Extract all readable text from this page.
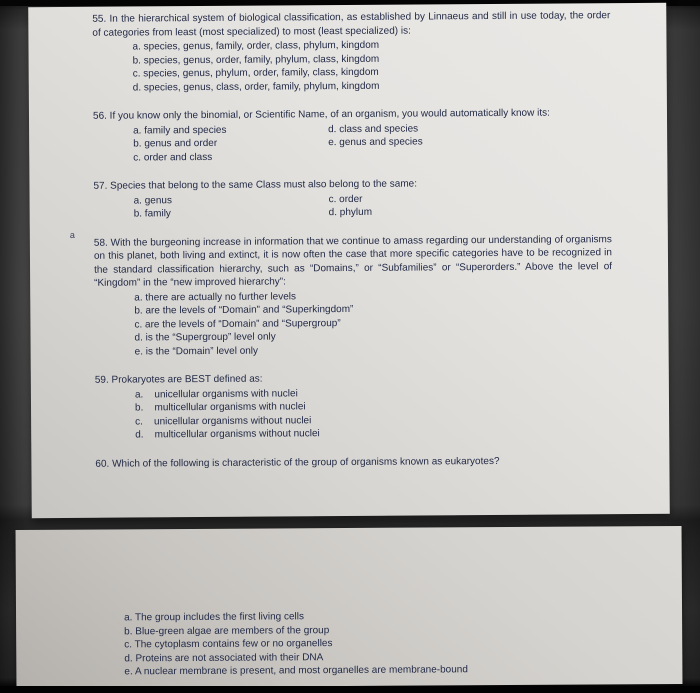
a
55. In the hierarchical system of biological classification, as established by Linnaeus and still in use today, the order of categories from least (most specialized) to most (least specialized) is:
a. species, genus, family, order, class, phylum, kingdom
b. species, genus, order, family, phylum, class, kingdom
c. species, genus, phylum, order, family, class, kingdom
d. species, genus, class, order, family, phylum, kingdom
56. If you know only the binomial, or Scientific Name, of an organism, you would automatically know its:
a. family and species
b. genus and order
c. order and class
d. class and species
e. genus and species
57. Species that belong to the same Class must also belong to the same:
a. genus
b. family
c. order
d. phylum
58. With the burgeoning increase in information that we continue to amass regarding our understanding of organisms on this planet, both living and extinct, it is now often the case that more specific categories have to be recognized in the standard classification hierarchy, such as “Domains,” or “Subfamilies” or “Superorders.” Above the level of “Kingdom” in the “new improved hierarchy”:
a. there are actually no further levels
b. are the levels of “Domain” and “Superkingdom”
c. are the levels of “Domain” and “Supergroup”
d. is the “Supergroup” level only
e. is the “Domain” level only
59. Prokaryotes are BEST defined as:
a.    unicellular organisms with nuclei
b.    multicellular organisms with nuclei
c.    unicellular organisms without nuclei
d.    multicellular organisms without nuclei
60. Which of the following is characteristic of the group of organisms known as eukaryotes?
a. The group includes the first living cells
b. Blue-green algae are members of the group
c. The cytoplasm contains few or no organelles
d. Proteins are not associated with their DNA
e. A nuclear membrane is present, and most organelles are membrane-bound
